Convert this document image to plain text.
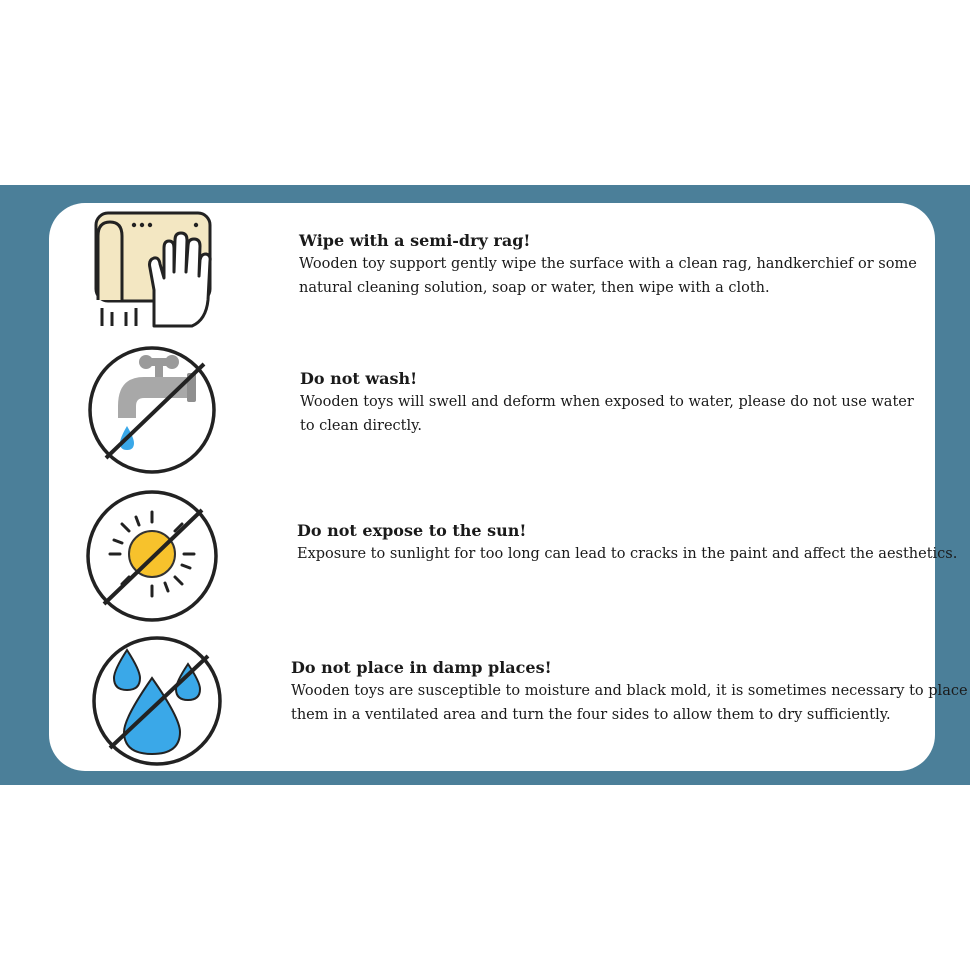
Wipe with a semi-dry rag!

Wooden toy support gently wipe the surface with a clean rag, handkerchief or some
natural cleaning solution, soap or water, then wipe with a cloth.

Do not wash!

Wooden toys will swell and deform when exposed to water, please do not use water
to clean directly.

Do not expose to the sun!

Exposure to sunlight for too long can lead to cracks in the paint and affect the aesthetics.

Do not place in damp places!

Wooden toys are susceptible to moisture and black mold, it is sometimes necessary to place
them in a ventilated area and turn the four sides to allow them to dry sufficiently.
